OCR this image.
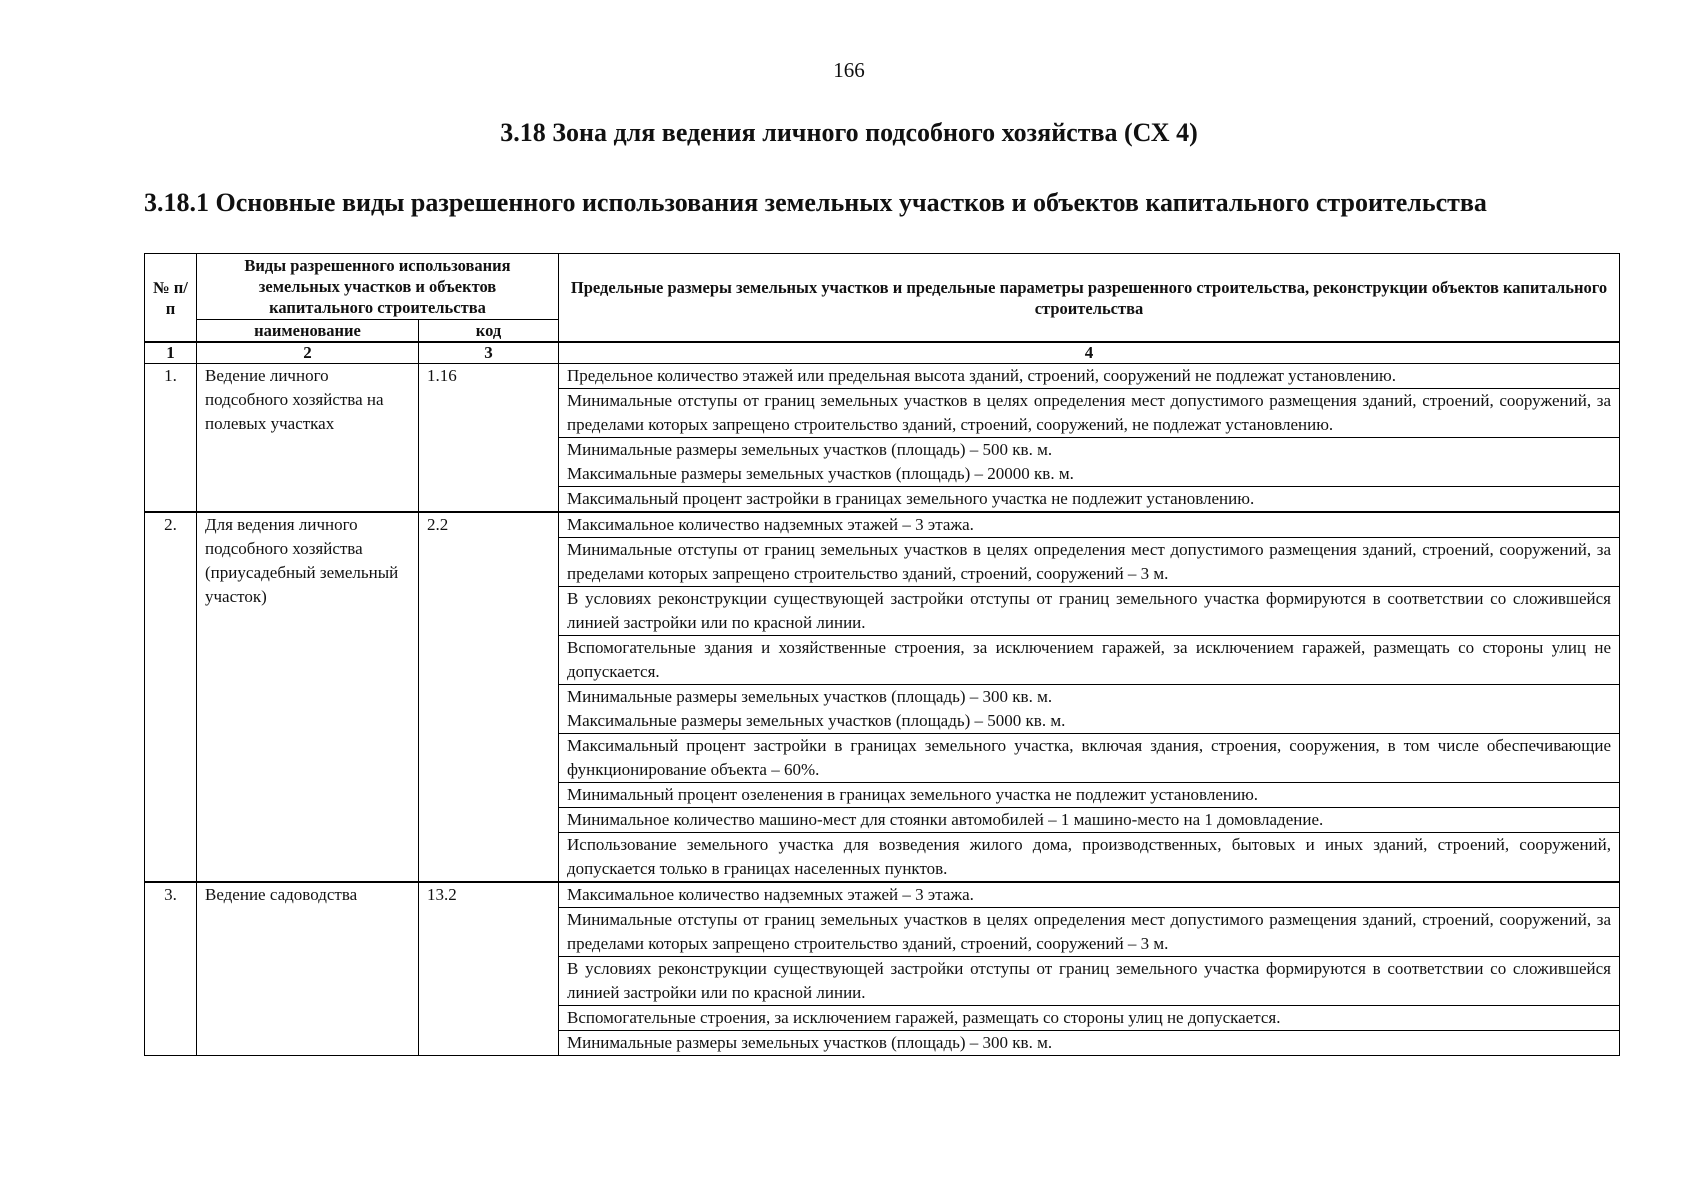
166
3.18 Зона для ведения личного подсобного хозяйства (СХ 4)
3.18.1 Основные виды разрешенного использования земельных участков и объектов капитального строительства
№ п/п	Виды разрешенного использования земельных участков и объектов капитального строительства		Предельные размеры земельных участков и предельные параметры разрешенного строительства, реконструкции объектов капитального строительства
	наименование	код	
1	2	3	4
1.	Ведение личного подсобного хозяйства на полевых участках	1.16	Предельное количество этажей или предельная высота зданий, строений, сооружений не подлежат установлению.

			Минимальные отступы от границ земельных участков в целях определения мест допустимого размещения зданий, строений, сооружений, за пределами которых запрещено строительство зданий, строений, сооружений, не подлежат установлению.

			Минимальные размеры земельных участков (площадь) – 500 кв. м.
Максимальные размеры земельных участков (площадь) – 20000 кв. м.

			Максимальный процент застройки в границах земельного участка не подлежит установлению.

2.	Для ведения личного подсобного хозяйства (приусадебный земельный участок)	2.2	Максимальное количество надземных этажей – 3 этажа.

			Минимальные отступы от границ земельных участков в целях определения мест допустимого размещения зданий, строений, сооружений, за пределами которых запрещено строительство зданий, строений, сооружений – 3 м.

			В условиях реконструкции существующей застройки отступы от границ земельного участка формируются в соответствии со сложившейся линией застройки или по красной линии.

			Вспомогательные здания и хозяйственные строения, за исключением гаражей, за исключением гаражей, размещать со стороны улиц не допускается.

			Минимальные размеры земельных участков (площадь) – 300 кв. м.
Максимальные размеры земельных участков (площадь) – 5000 кв. м.

			Максимальный процент застройки в границах земельного участка, включая здания, строения, сооружения, в том числе обеспечивающие функционирование объекта – 60%.

			Минимальный процент озеленения в границах земельного участка не подлежит установлению.

			Минимальное количество машино-мест для стоянки автомобилей – 1 машино-место на 1 домовладение.

			Использование земельного участка для возведения жилого дома, производственных, бытовых и иных зданий, строений, сооружений, допускается только в границах населенных пунктов.

3.	Ведение садоводства	13.2	Максимальное количество надземных этажей – 3 этажа.

			Минимальные отступы от границ земельных участков в целях определения мест допустимого размещения зданий, строений, сооружений, за пределами которых запрещено строительство зданий, строений, сооружений – 3 м.

			В условиях реконструкции существующей застройки отступы от границ земельного участка формируются в соответствии со сложившейся линией застройки или по красной линии.

			Вспомогательные строения, за исключением гаражей, размещать со стороны улиц не допускается.

			Минимальные размеры земельных участков (площадь) – 300 кв. м.
